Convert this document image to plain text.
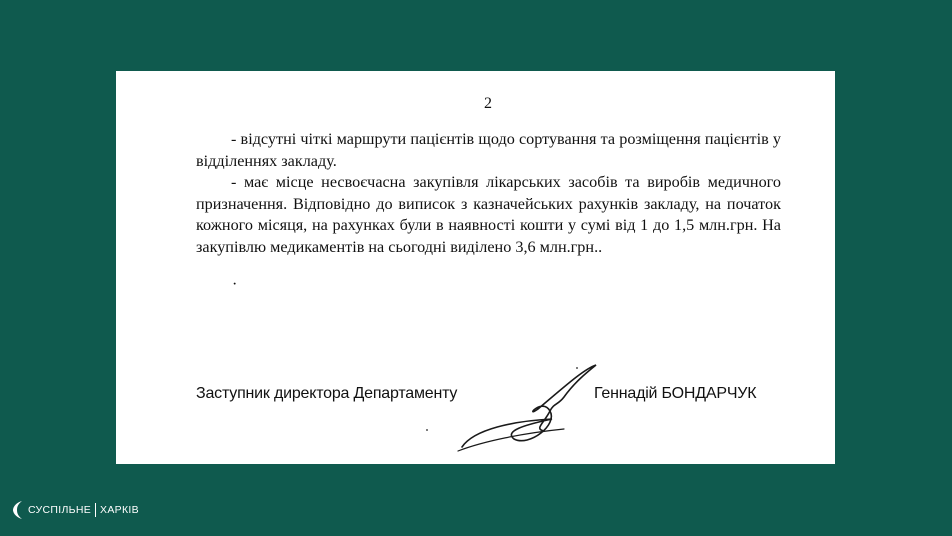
2

- відсутні чіткі маршрути пацієнтів щодо сортування та розміщення пацієнтів у відділеннях закладу.

- має місце несвоєчасна закупівля лікарських засобів та виробів медичного призначення. Відповідно до виписок з казначейських рахунків закладу, на початок кожного місяця, на рахунках були в наявності кошти у сумі від 1 до 1,5 млн.грн. На закупівлю медикаментів на сьогодні виділено 3,6 млн.грн..

·
Заступник директора Департаменту	Геннадій БОНДАРЧУК
СУСПІЛЬНЕ ХАРКІВ
